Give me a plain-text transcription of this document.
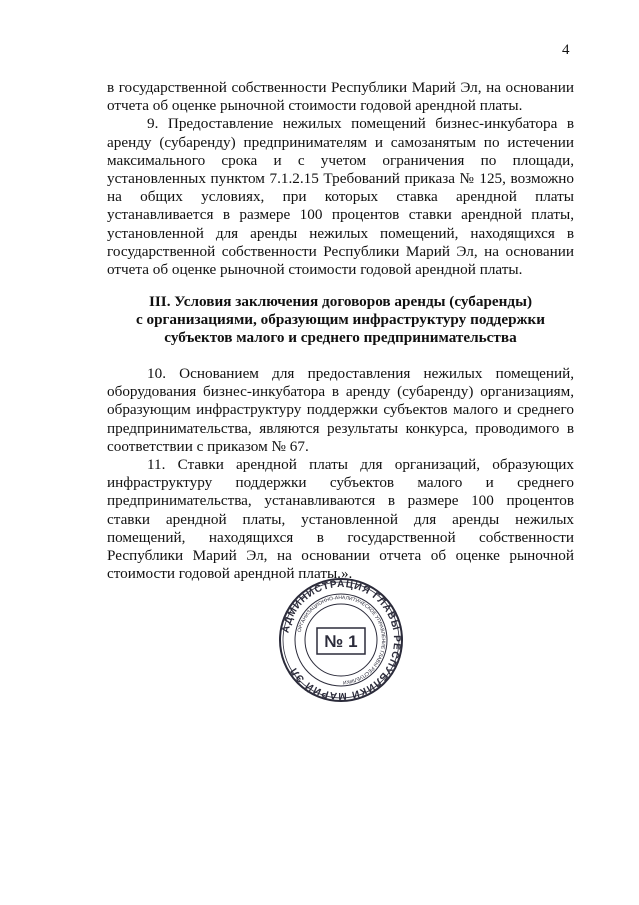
4

в государственной собственности Республики Марий Эл, на основании отчета об оценке рыночной стоимости годовой арендной платы.

9. Предоставление нежилых помещений бизнес-инкубатора в аренду (субаренду) предпринимателям и самозанятым по истечении максимального срока и с учетом ограничения по площади, установленных пунктом 7.1.2.15 Требований приказа № 125, возможно на общих условиях, при которых ставка арендной платы устанавливается в размере 100 процентов ставки арендной платы, установленной для аренды нежилых помещений, находящихся в государственной собственности Республики Марий Эл, на основании отчета об оценке рыночной стоимости годовой арендной платы.

III. Условия заключения договоров аренды (субаренды)
с организациями, образующим инфраструктуру поддержки
субъектов малого и среднего предпринимательства

10. Основанием для предоставления нежилых помещений, оборудования бизнес-инкубатора в аренду (субаренду) организациям, образующим инфраструктуру поддержки субъектов малого и среднего предпринимательства, являются результаты конкурса, проводимого в соответствии с приказом № 67.

11. Ставки арендной платы для организаций, образующих инфраструктуру поддержки субъектов малого и среднего предпринимательства, устанавливаются в размере 100 процентов ставки арендной платы, установленной для аренды нежилых помещений, находящихся в государственной собственности Республики Марий Эл, на основании отчета об оценке рыночной стоимости годовой арендной платы.».

АДМИНИСТРАЦИЯ ГЛАВЫ РЕСПУБЛИКИ МАРИЙ ЭЛ
ОРГАНИЗАЦИОННО-АНАЛИТИЧЕСКОЕ УПРАВЛЕНИЕ ГЛАВЫ РЕСПУБЛИКИ
№ 1
